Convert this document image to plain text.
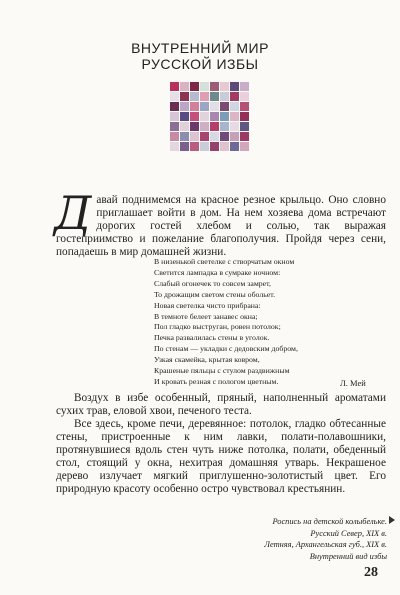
ВНУТРЕННИЙ МИР
РУССКОЙ ИЗБЫ
Давай поднимемся на красное резное крыльцо. Оно словно приглашает войти в дом. На нем хозяева дома встречают дорогих гостей хлебом и солью, так выражая гостеприимство и пожелание благополучия. Пройдя через сени, попадаешь в мир домашней жизни.
В низенькой светелке с створчатым окном
Светится лампадка в сумраке ночном:
Слабый огонечек то совсем замрет,
То дрожащим светом стены обольет.
Новая светелка чисто прибрана:
В темноте белеет занавес окна;
Пол гладко выструган, ровен потолок;
Печка развалилась стены в уголок.
По стенам — укладки с дедовским добром,
Узкая скамейка, крытая ковром,
Крашеные пяльцы с стулом раздвижным
И кровать резная с пологом цветным.	Л. Мей

Воздух в избе особенный, пряный, наполненный ароматами сухих трав, еловой хвои, печеного теста.

Все здесь, кроме печи, деревянное: потолок, гладко обтесанные стены, пристроенные к ним лавки, полати-полавошники, протянувшиеся вдоль стен чуть ниже потолка, полати, обеденный стол, стоящий у окна, нехитрая домашняя утварь. Некрашеное дерево излучает мягкий приглушенно-золотистый цвет. Его природную красоту особенно остро чувствовал крестьянин.

Роспись на детской колыбельке.
Русский Север, XIX в.
Летняя, Архангельская губ., XIX в.
Внутренний вид избы
28
